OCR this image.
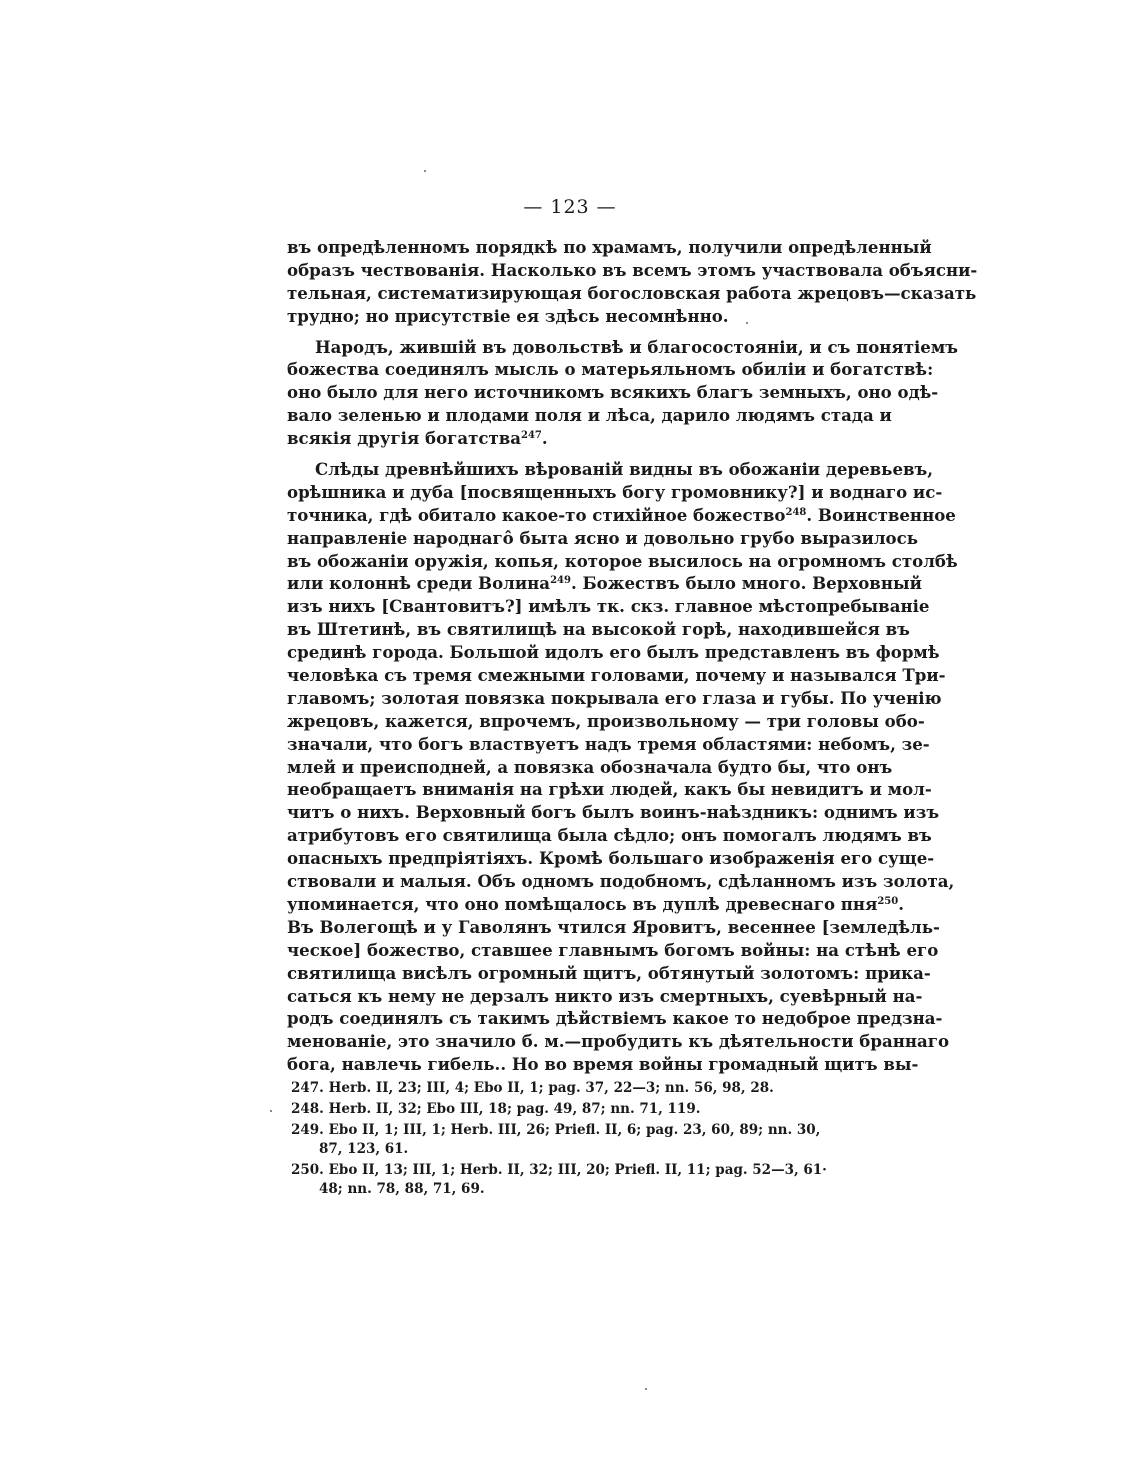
— 123 —
въ опредѣленномъ порядкѣ по храмамъ, получили опредѣленный
образъ чествованія. Насколько въ всемъ этомъ участвовала объясни-
тельная, систематизирующая богословская работа жрецовъ—сказать
трудно; но присутствіе ея здѣсь несомнѣнно.
Народъ, жившій въ довольствѣ и благосостояніи, и съ понятіемъ
божества соединялъ мысль о матерьяльномъ обиліи и богатствѣ:
оно было для него источникомъ всякихъ благъ земныхъ, оно одѣ-
вало зеленью и плодами поля и лѣса, дарило людямъ стада и
всякія другія богатства$^{247}$.
Слѣды древнѣйшихъ вѣрованій видны въ обожаніи деревьевъ,
орѣшника и дуба [посвященныхъ богу громовнику?] и воднаго ис-
точника, гдѣ обитало какое-то стихійное божество$^{248}$. Воинственное
направленіе народнагô быта ясно и довольно грубо выразилось
въ обожаніи оружія, копья, которое высилось на огромномъ столбѣ
или колоннѣ среди Волина$^{249}$. Божествъ было много. Верховный
изъ нихъ [Свантовитъ?] имѣлъ тк. скз. главное мѣстопребываніе
въ Штетинѣ, въ святилищѣ на высокой горѣ, находившейся въ
срединѣ города. Большой идолъ его былъ представленъ въ формѣ
человѣка съ тремя смежными головами, почему и назывался Три-
главомъ; золотая повязка покрывала его глаза и губы. По ученію
жрецовъ, кажется, впрочемъ, произвольному — три головы обо-
значали, что богъ властвуетъ надъ тремя областями: небомъ, зе-
млей и преисподней, а повязка обозначала будто бы, что онъ
необращаетъ вниманія на грѣхи людей, какъ бы невидитъ и мол-
читъ о нихъ. Верховный богъ былъ воинъ-наѣздникъ: однимъ изъ
атрибутовъ его святилища была сѣдло; онъ помогалъ людямъ въ
опасныхъ предпріятіяхъ. Кромѣ большаго изображенія его суще-
ствовали и малыя. Объ одномъ подобномъ, сдѣланномъ изъ золота,
упоминается, что оно помѣщалось въ дуплѣ древеснаго пня$^{250}$.
Въ Волегощѣ и у Гаволянъ чтился Яровитъ, весеннее [земледѣль-
ческое] божество, ставшее главнымъ богомъ войны: на стѣнѣ его
святилища висѣлъ огромный щитъ, обтянутый золотомъ: прика-
саться къ нему не дерзалъ никто изъ смертныхъ, суевѣрный на-
родъ соединялъ съ такимъ дѣйствіемъ какое то недоброе предзна-
менованіе, это значило б. м.—пробудить къ дѣятельности браннаго
бога, навлечь гибель.. Но во время войны громадный щитъ вы-
247. Herb. II, 23; III, 4; Ebo II, 1; pag. 37, 22—3; nn. 56, 98, 28.
248. Herb. II, 32; Ebo III, 18; pag. 49, 87; nn. 71, 119.
249. Ebo II, 1; III, 1; Herb. III, 26; Priefl. II, 6; pag. 23, 60, 89; nn. 30,
87, 123, 61.
250. Ebo II, 13; III, 1; Herb. II, 32; III, 20; Priefl. II, 11; pag. 52—3, 61·
48; nn. 78, 88, 71, 69.
